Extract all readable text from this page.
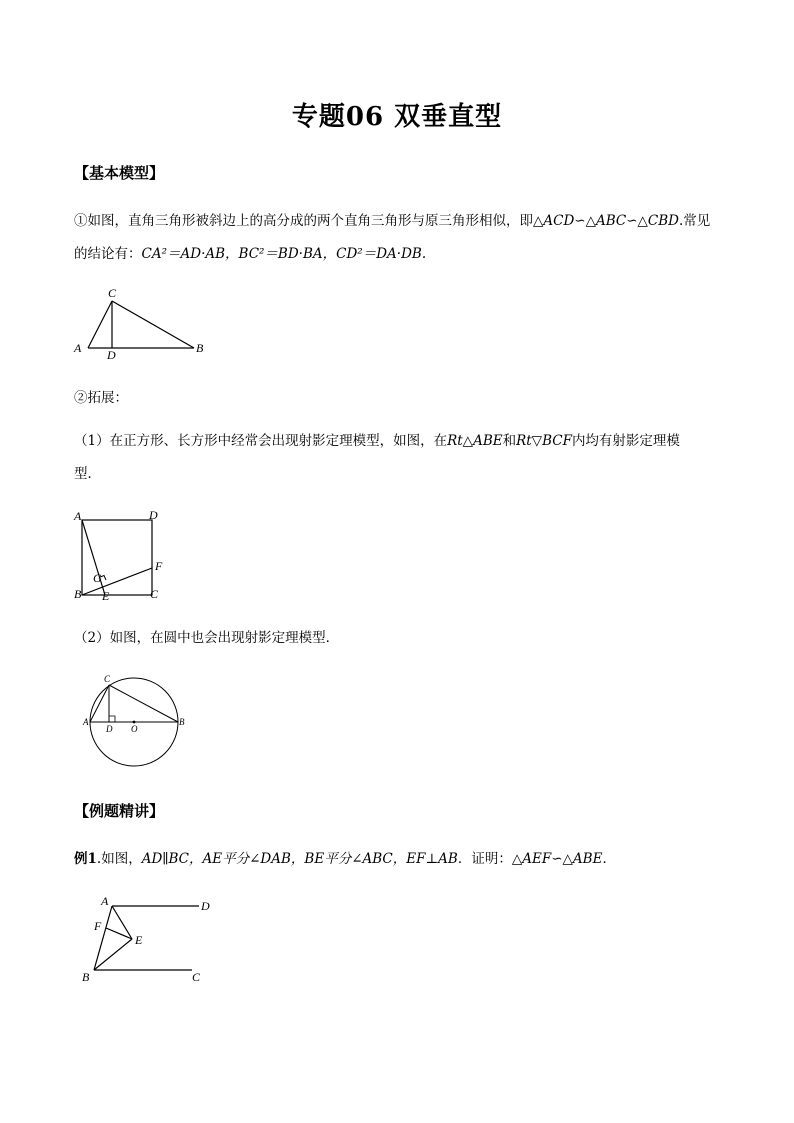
专题06 双垂直型
【基本模型】
①如图，直角三角形被斜边上的高分成的两个直角三角形与原三角形相似，即△ACD∽△ABC∽△CBD.常见
的结论有：CA²＝AD·AB，BC²＝BD·BA，CD²＝DA·DB.
C
A D	B
②拓展：
（1）在正方形、长方形中经常会出现射影定理模型，如图，在Rt△ABE和Rt▽BCF内均有射影定理模
型．
A	D
G
F
B E	C
（2）如图，在圆中也会出现射影定理模型．
C
A	B
D O
【例题精讲】
例1.如图，AD∥BC，AE平分∠DAB，BE平分∠ABC，EF⊥AB．证明：△AEF∽△ABE．
A	D
F
E
B	C
